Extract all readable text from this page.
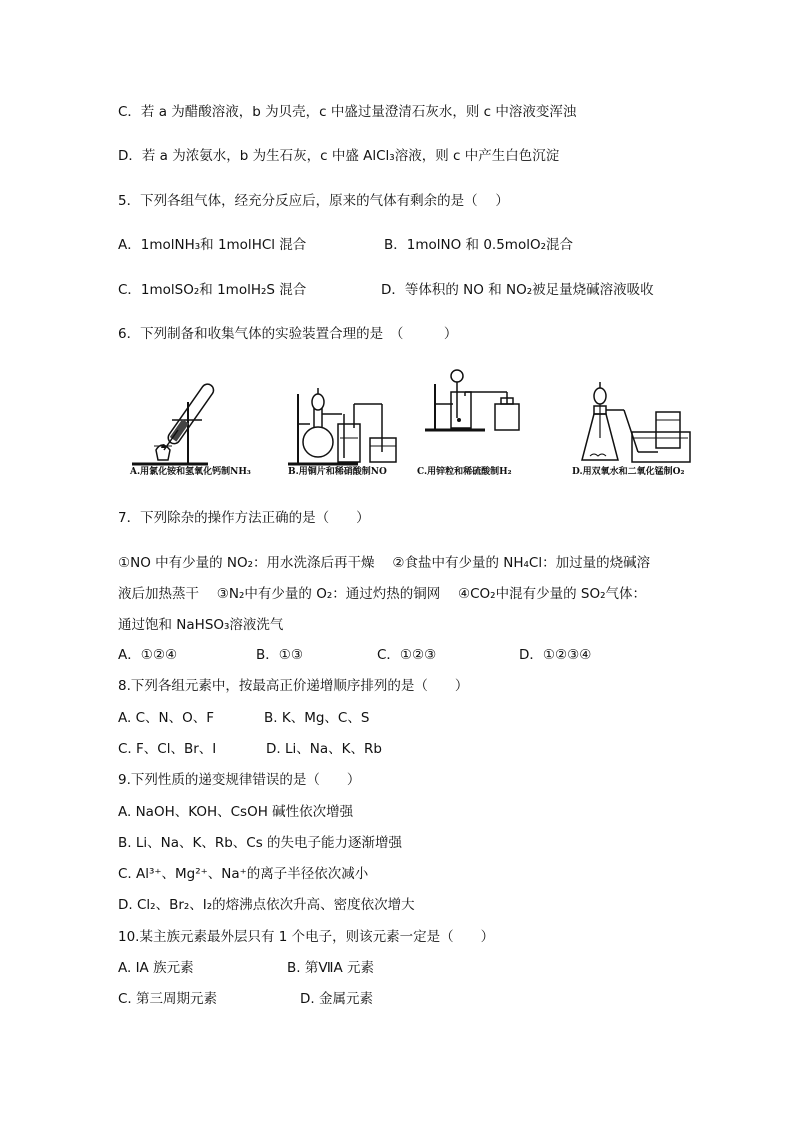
C．若 a 为醋酸溶液，b 为贝壳，c 中盛过量澄清石灰水，则 c 中溶液变浑浊
D．若 a 为浓氨水，b 为生石灰，c 中盛 AlCl₃溶液，则 c 中产生白色沉淀
5．下列各组气体，经充分反应后，原来的气体有剩余的是（　 ）
A．1molNH₃和 1molHCl 混合	B．1molNO 和 0.5molO₂混合
C．1molSO₂和 1molH₂S 混合	D．等体积的 NO 和 NO₂被足量烧碱溶液吸收
6．下列制备和收集气体的实验装置合理的是　（　　　）
A.用氯化铵和氢氧化钙制NH₃	B.用铜片和稀硝酸制NO	C.用锌粒和稀硫酸制H₂	D.用双氧水和二氧化锰制O₂
7．下列除杂的操作方法正确的是（　　）
①NO 中有少量的 NO₂：用水洗涤后再干燥　 ②食盐中有少量的 NH₄Cl：加过量的烧碱溶
液后加热蒸干　 ③N₂中有少量的 O₂：通过灼热的铜网　 ④CO₂中混有少量的 SO₂气体：
通过饱和 NaHSO₃溶液洗气
A．①②④	B．①③	C．①②③	D．①②③④
8.下列各组元素中，按最高正价递增顺序排列的是（　　）
A. C、N、O、F	B. K、Mg、C、S
C. F、Cl、Br、I	D. Li、Na、K、Rb
9.下列性质的递变规律错误的是（　　）
A. NaOH、KOH、CsOH 碱性依次增强
B. Li、Na、K、Rb、Cs 的失电子能力逐渐增强
C. Al³⁺、Mg²⁺、Na⁺的离子半径依次减小
D. Cl₂、Br₂、I₂的熔沸点依次升高、密度依次增大
10.某主族元素最外层只有 1 个电子，则该元素一定是（　　）
A. ⅠA 族元素	B. 第ⅦA 元素
C. 第三周期元素	D. 金属元素
